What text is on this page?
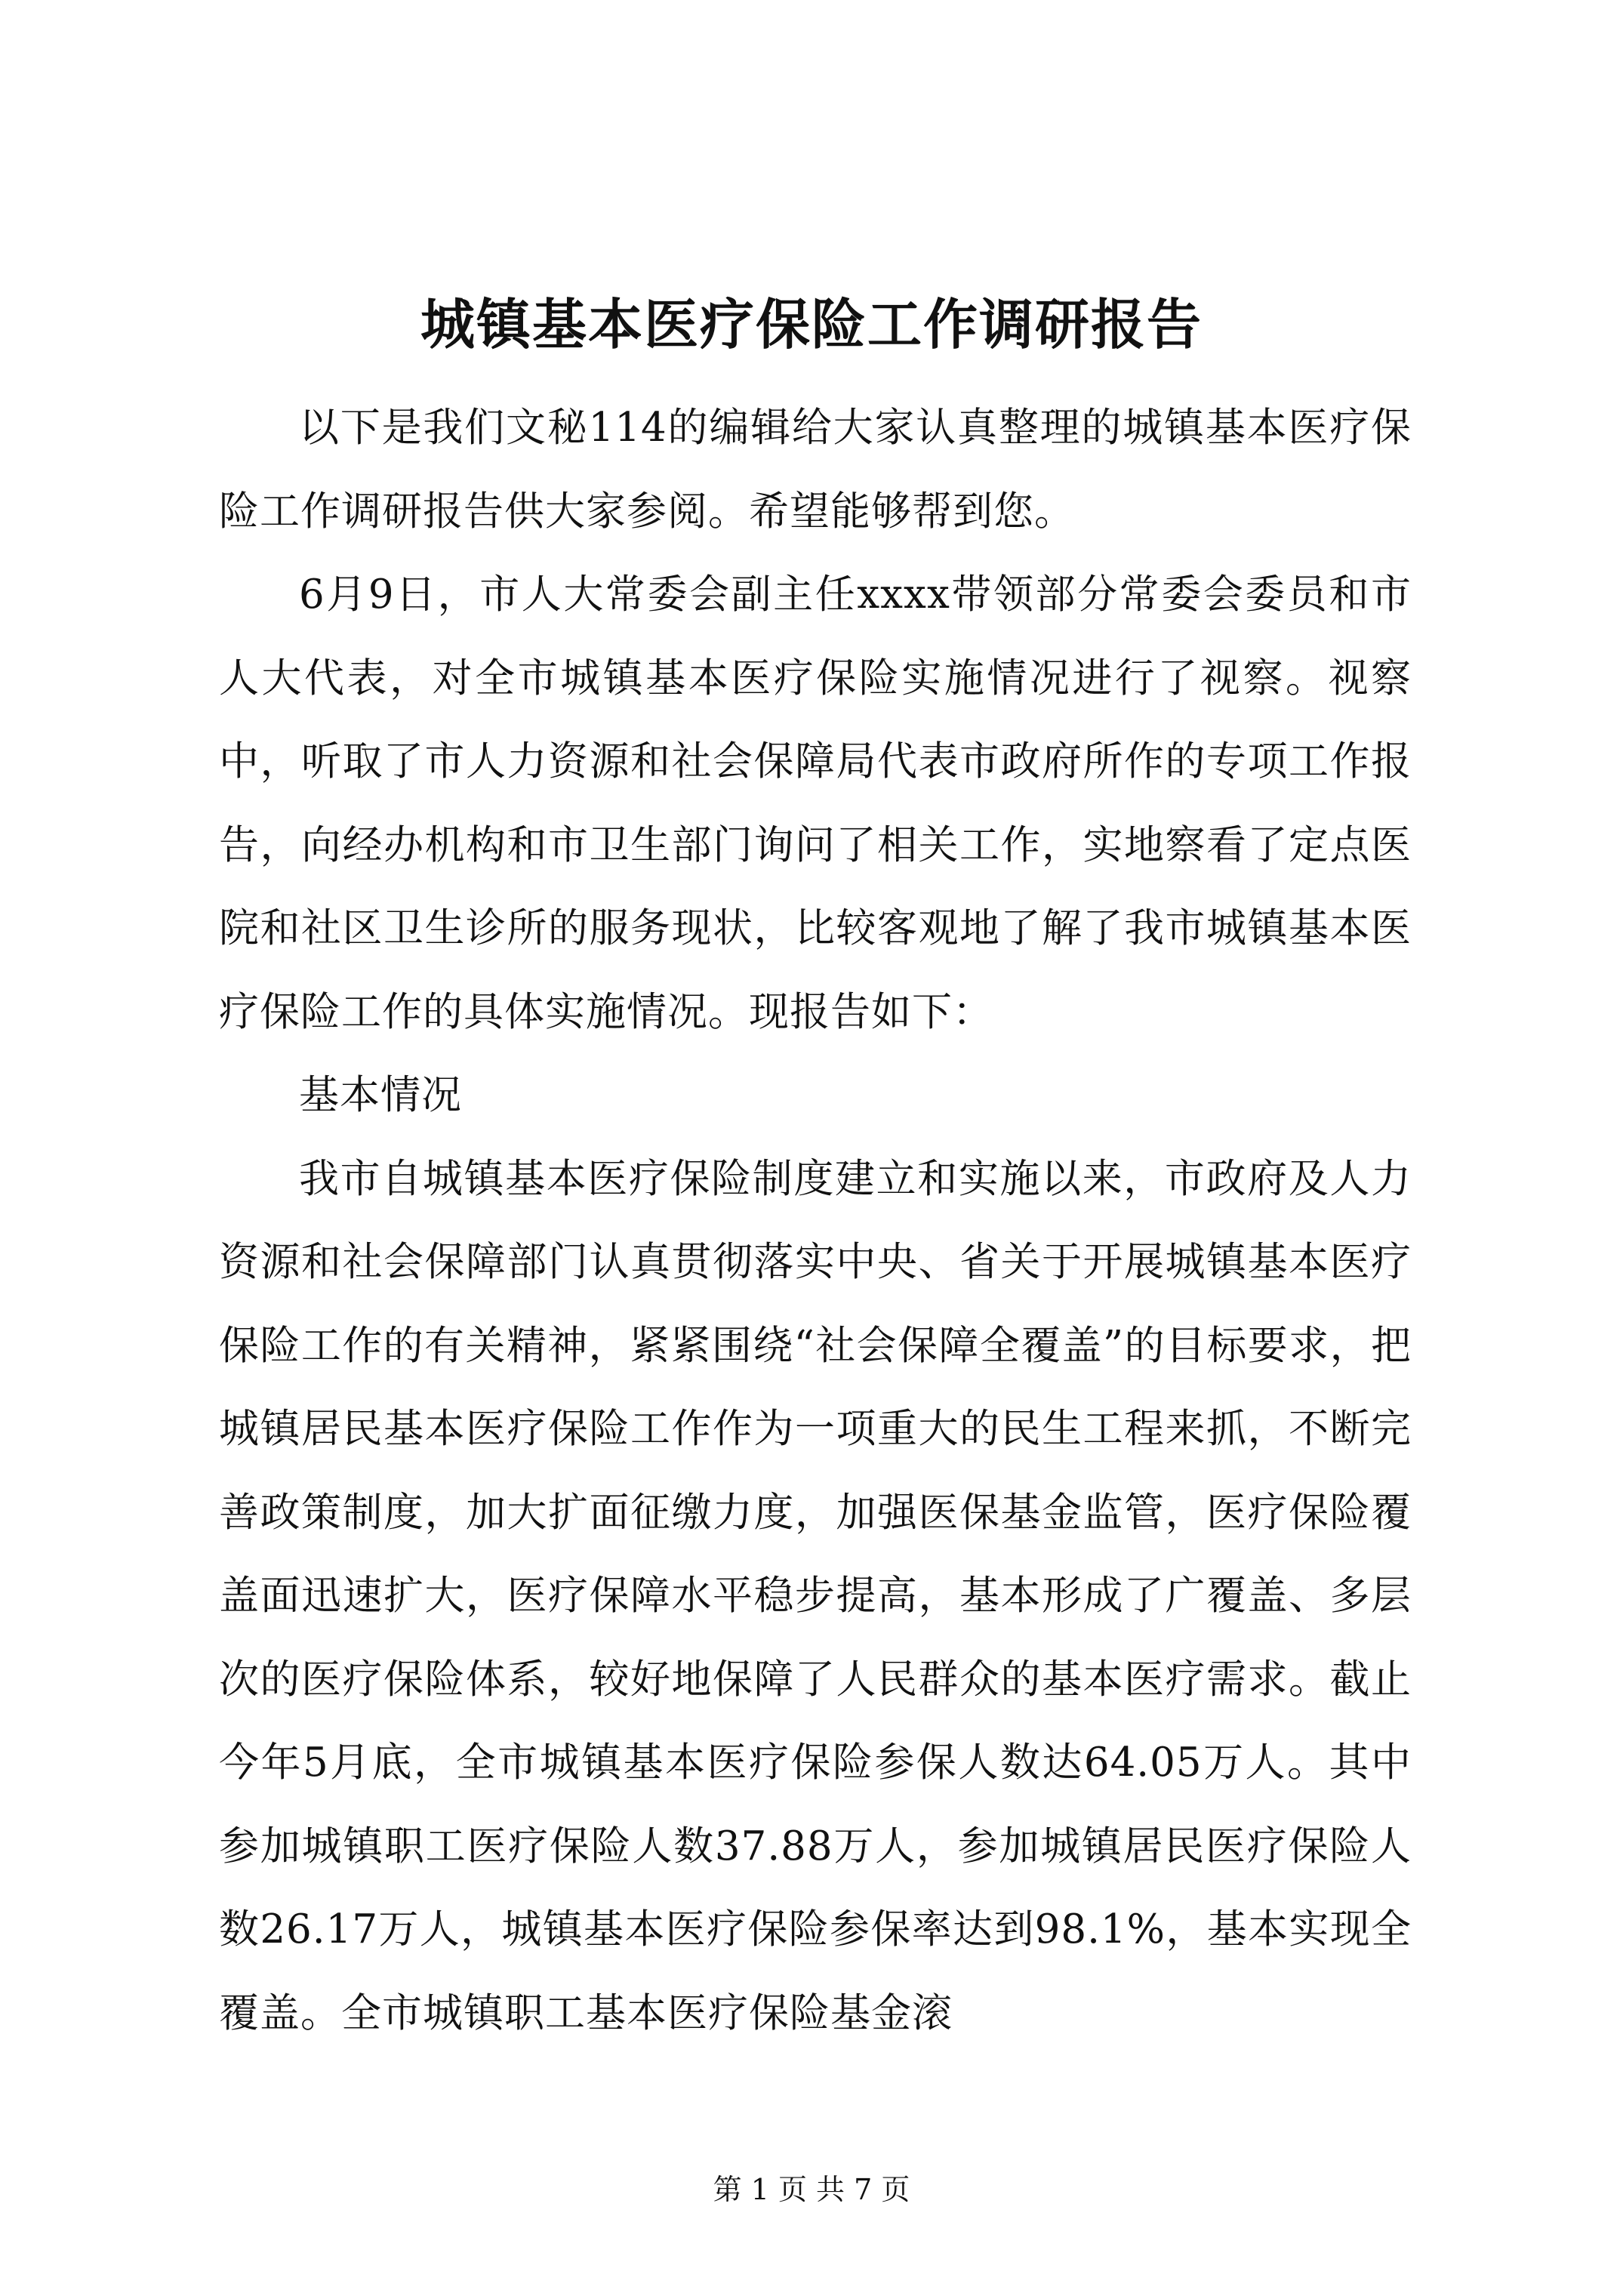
城镇基本医疗保险工作调研报告

以下是我们文秘114的编辑给大家认真整理的城镇基本医疗保险工作调研报告供大家参阅。希望能够帮到您。

6月9日，市人大常委会副主任xxxx带领部分常委会委员和市人大代表，对全市城镇基本医疗保险实施情况进行了视察。视察中，听取了市人力资源和社会保障局代表市政府所作的专项工作报告，向经办机构和市卫生部门询问了相关工作，实地察看了定点医院和社区卫生诊所的服务现状，比较客观地了解了我市城镇基本医疗保险工作的具体实施情况。现报告如下：

基本情况

我市自城镇基本医疗保险制度建立和实施以来，市政府及人力资源和社会保障部门认真贯彻落实中央、省关于开展城镇基本医疗保险工作的有关精神，紧紧围绕“社会保障全覆盖”的目标要求，把城镇居民基本医疗保险工作作为一项重大的民生工程来抓，不断完善政策制度，加大扩面征缴力度，加强医保基金监管，医疗保险覆盖面迅速扩大，医疗保障水平稳步提高，基本形成了广覆盖、多层次的医疗保险体系，较好地保障了人民群众的基本医疗需求。截止今年5月底，全市城镇基本医疗保险参保人数达64.05万人。其中参加城镇职工医疗保险人数37.88万人，参加城镇居民医疗保险人数26.17万人，城镇基本医疗保险参保率达到98.1%，基本实现全覆盖。全市城镇职工基本医疗保险基金滚

第 1 页 共 7 页
